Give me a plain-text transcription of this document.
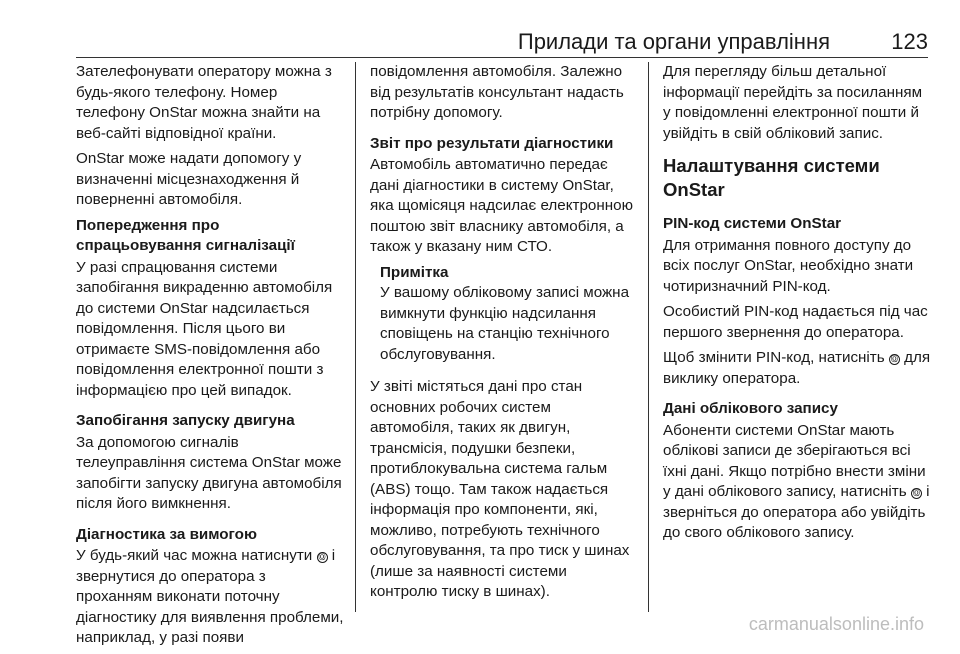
Прилади та органи управління	123

Зателефонувати оператору можна з будь-якого телефону. Номер телефону OnStar можна знайти на веб-сайті відповідної країни.

OnStar може надати допомогу у визначенні місцезнаходження й поверненні автомобіля.

Попередження про спрацьовування сигналізації

У разі спрацювання системи запобігання викраденню автомобіля до системи OnStar надсилається повідомлення. Після цього ви отримаєте SMS-повідомлення або повідомлення електронної пошти з інформацією про цей випадок.

Запобігання запуску двигуна

За допомогою сигналів телеуправління система OnStar може запобігти запуску двигуна автомобіля після його вимкнення.

Діагностика за вимогою

У будь-який час можна натиснути Ⓞ і звернутися до оператора з проханням виконати поточну діагностику для виявлення проблеми, наприклад, у разі появи

повідомлення автомобіля. Залежно від результатів консультант надасть потрібну допомогу.

Звіт про результати діагностики

Автомобіль автоматично передає дані діагностики в систему OnStar, яка щомісяця надсилає електронною поштою звіт власнику автомобіля, а також у вказану ним СТО.

Примітка
У вашому обліковому записі можна вимкнути функцію надсилання сповіщень на станцію технічного обслуговування.

У звіті містяться дані про стан основних робочих систем автомобіля, таких як двигун, трансмісія, подушки безпеки, протиблокувальна система гальм (ABS) тощо. Там також надається інформація про компоненти, які, можливо, потребують технічного обслуговування, та про тиск у шинах (лише за наявності системи контролю тиску в шинах).

Для перегляду більш детальної інформації перейдіть за посиланням у повідомленні електронної пошти й увійдіть в свій обліковий запис.

Налаштування системи OnStar
PIN-код системи OnStar

Для отримання повного доступу до всіх послуг OnStar, необхідно знати чотиризначний PIN-код.

Особистий PIN-код надається під час першого звернення до оператора.

Щоб змінити PIN-код, натисніть Ⓞ для виклику оператора.

Дані облікового запису

Абоненти системи OnStar мають облікові записи де зберігаються всі їхні дані. Якщо потрібно внести зміни у дані облікового запису, натисніть Ⓞ і зверніться до оператора або увійдіть до свого облікового запису.

carmanualsonline.info
